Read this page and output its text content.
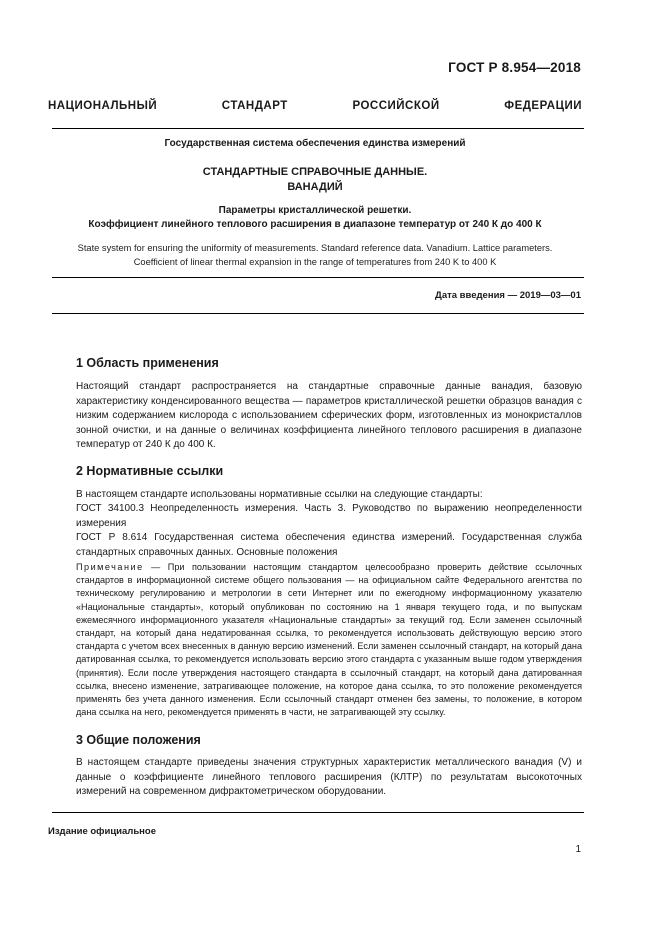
ГОСТ Р 8.954—2018
НАЦИОНАЛЬНЫЙ СТАНДАРТ РОССИЙСКОЙ ФЕДЕРАЦИИ
Государственная система обеспечения единства измерений
СТАНДАРТНЫЕ СПРАВОЧНЫЕ ДАННЫЕ.
ВАНАДИЙ
Параметры кристаллической решетки.
Коэффициент линейного теплового расширения в диапазоне температур от 240 К до 400 К
State system for ensuring the uniformity of measurements. Standard reference data. Vanadium. Lattice parameters.
Coefficient of linear thermal expansion in the range of temperatures from 240 K to 400 K
Дата введения — 2019—03—01
1 Область применения
Настоящий стандарт распространяется на стандартные справочные данные ванадия, базовую характеристику конденсированного вещества — параметров кристаллической решетки образцов ванадия с низким содержанием кислорода с использованием сферических форм, изготовленных из монокристаллов зонной очистки, и на данные о величинах коэффициента линейного теплового расширения в диапазоне температур от 240 К до 400 К.
2 Нормативные ссылки
В настоящем стандарте использованы нормативные ссылки на следующие стандарты:
ГОСТ 34100.3 Неопределенность измерения. Часть 3. Руководство по выражению неопределенности измерения
ГОСТ Р 8.614 Государственная система обеспечения единства измерений. Государственная служба стандартных справочных данных. Основные положения
Примечание — При пользовании настоящим стандартом целесообразно проверить действие ссылочных стандартов в информационной системе общего пользования — на официальном сайте Федерального агентства по техническому регулированию и метрологии в сети Интернет или по ежегодному информационному указателю «Национальные стандарты», который опубликован по состоянию на 1 января текущего года, и по выпускам ежемесячного информационного указателя «Национальные стандарты» за текущий год. Если заменен ссылочный стандарт, на который дана недатированная ссылка, то рекомендуется использовать действующую версию этого стандарта с учетом всех внесенных в данную версию изменений. Если заменен ссылочный стандарт, на который дана датированная ссылка, то рекомендуется использовать версию этого стандарта с указанным выше годом утверждения (принятия). Если после утверждения настоящего стандарта в ссылочный стандарт, на который дана датированная ссылка, внесено изменение, затрагивающее положение, на которое дана ссылка, то это положение рекомендуется применять без учета данного изменения. Если ссылочный стандарт отменен без замены, то положение, в котором дана ссылка на него, рекомендуется применять в части, не затрагивающей эту ссылку.
3 Общие положения
В настоящем стандарте приведены значения структурных характеристик металлического ванадия (V) и данные о коэффициенте линейного теплового расширения (КЛТР) по результатам высокоточных измерений на современном дифрактометрическом оборудовании.
Издание официальное
1
